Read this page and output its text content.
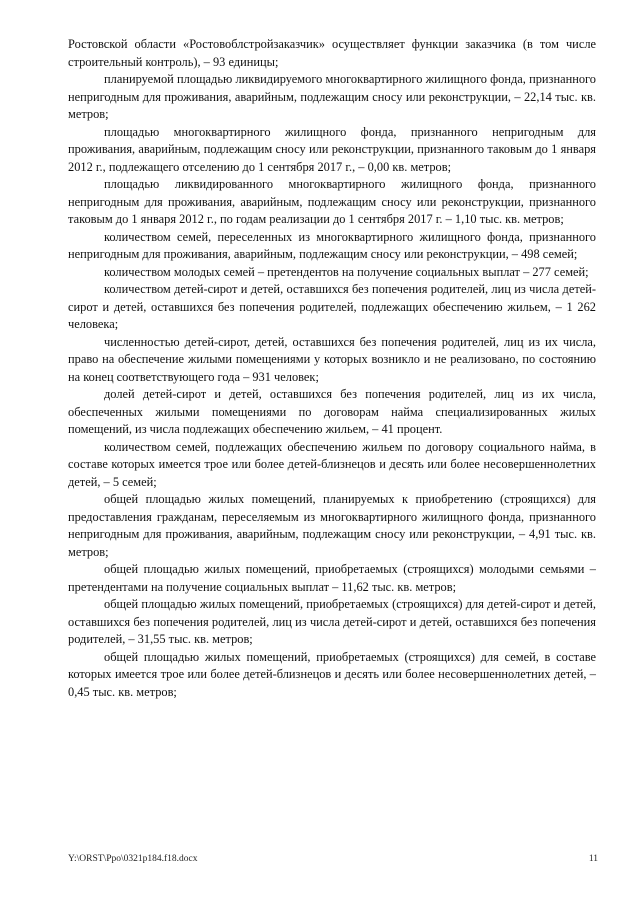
Ростовской области «Ростовоблстройзаказчик» осуществляет функции заказчика (в том числе строительный контроль), – 93 единицы;

планируемой площадью ликвидируемого многоквартирного жилищного фонда, признанного непригодным для проживания, аварийным, подлежащим сносу или реконструкции, – 22,14 тыс. кв. метров;

площадью многоквартирного жилищного фонда, признанного непригодным для проживания, аварийным, подлежащим сносу или реконструкции, признанного таковым до 1 января 2012 г., подлежащего отселению до 1 сентября 2017 г., – 0,00 кв. метров;

площадью ликвидированного многоквартирного жилищного фонда, признанного непригодным для проживания, аварийным, подлежащим сносу или реконструкции, признанного таковым до 1 января 2012 г., по годам реализации до 1 сентября 2017 г. – 1,10 тыс. кв. метров;

количеством семей, переселенных из многоквартирного жилищного фонда, признанного непригодным для проживания, аварийным, подлежащим сносу или реконструкции, – 498 семей;

количеством молодых семей – претендентов на получение социальных выплат – 277 семей;

количеством детей-сирот и детей, оставшихся без попечения родителей, лиц из числа детей-сирот и детей, оставшихся без попечения родителей, подлежащих обеспечению жильем, – 1 262 человека;

численностью детей-сирот, детей, оставшихся без попечения родителей, лиц из их числа, право на обеспечение жилыми помещениями у которых возникло и не реализовано, по состоянию на конец соответствующего года – 931 человек;

долей детей-сирот и детей, оставшихся без попечения родителей, лиц из их числа, обеспеченных жилыми помещениями по договорам найма специализированных жилых помещений, из числа подлежащих обеспечению жильем, – 41 процент.

количеством семей, подлежащих обеспечению жильем по договору социального найма, в составе которых имеется трое или более детей-близнецов и десять или более несовершеннолетних детей, – 5 семей;

общей площадью жилых помещений, планируемых к приобретению (строящихся) для предоставления гражданам, переселяемым из многоквартирного жилищного фонда, признанного непригодным для проживания, аварийным, подлежащим сносу или реконструкции, – 4,91 тыс. кв. метров;

общей площадью жилых помещений, приобретаемых (строящихся) молодыми семьями – претендентами на получение социальных выплат – 11,62 тыс. кв. метров;

общей площадью жилых помещений, приобретаемых (строящихся) для детей-сирот и детей, оставшихся без попечения родителей, лиц из числа детей-сирот и детей, оставшихся без попечения родителей, – 31,55 тыс. кв. метров;

общей площадью жилых помещений, приобретаемых (строящихся) для семей, в составе которых имеется трое или более детей-близнецов и десять или более несовершеннолетних детей, – 0,45 тыс. кв. метров;

Y:\ORST\Ppo\0321p184.f18.docx	11
